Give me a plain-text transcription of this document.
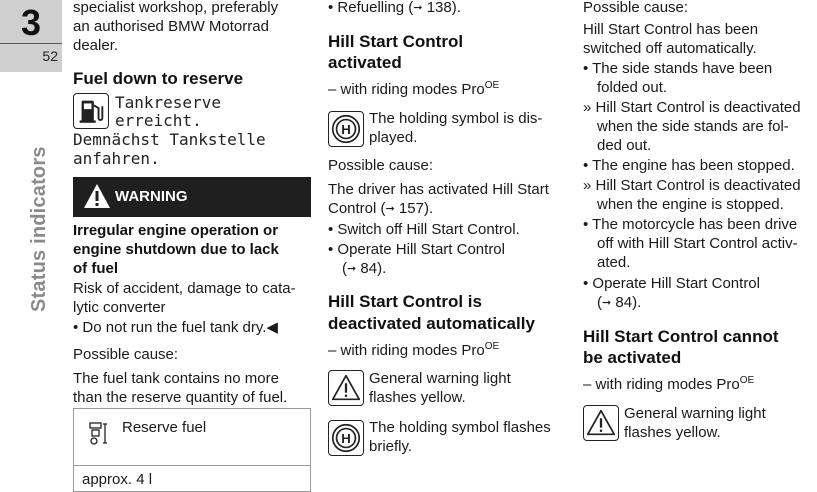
3
52
Status indicators
specialist workshop, preferably
an authorised BMW Motorrad
dealer.
Fuel down to reserve
Tankreserve
erreicht.
Demnächst Tankstelle
anfahren.
WARNING
Irregular engine operation or
engine shutdown due to lack
of fuel
Risk of accident, damage to cata-
lytic converter
• Do not run the fuel tank dry.◀
Possible cause:
The fuel tank contains no more
than the reserve quantity of fuel.
Reserve fuel
approx. 4 l
• Refuelling (➞ 138).
Hill Start Control
activated
– with riding modes Pro$^{OE}$
H
The holding symbol is dis-
played.
Possible cause:
The driver has activated Hill Start
Control (➞ 157).
• Switch off Hill Start Control.
• Operate Hill Start Control
(➞ 84).
Hill Start Control is
deactivated automatically
– with riding modes Pro$^{OE}$
General warning light
flashes yellow.
H
The holding symbol flashes
briefly.
Possible cause:
Hill Start Control has been
switched off automatically.
• The side stands have been
folded out.
» Hill Start Control is deactivated
when the side stands are fol-
ded out.
• The engine has been stopped.
» Hill Start Control is deactivated
when the engine is stopped.
• The motorcycle has been drive
off with Hill Start Control activ-
ated.
• Operate Hill Start Control
(➞ 84).
Hill Start Control cannot
be activated
– with riding modes Pro$^{OE}$
General warning light
flashes yellow.
